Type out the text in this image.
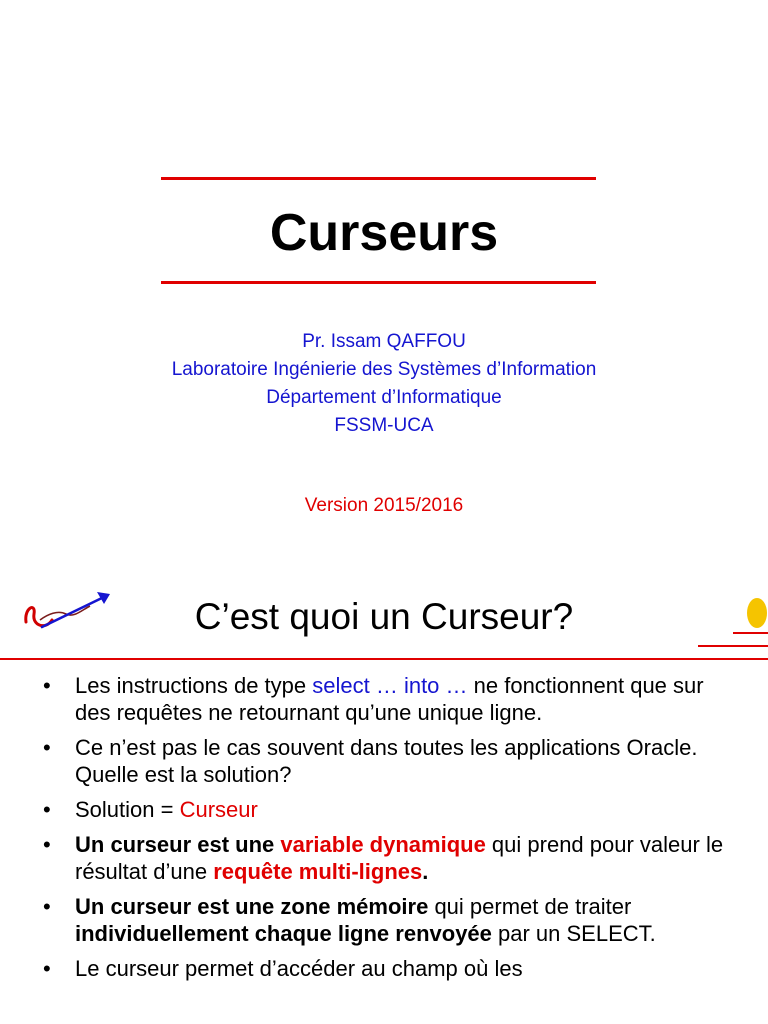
Curseurs
Pr. Issam QAFFOU
Laboratoire Ingénierie des Systèmes d’Information
Département d’Informatique
FSSM-UCA
Version 2015/2016
C’est quoi un Curseur?
• Les instructions de type select … into … ne fonctionnent que sur des requêtes ne retournant qu’une unique ligne.
• Ce n’est pas le cas souvent dans toutes les applications Oracle. Quelle est la solution?
• Solution = Curseur
• Un curseur est une variable dynamique qui prend pour valeur le résultat d’une requête multi-lignes.
• Un curseur est une zone mémoire qui permet de traiter individuellement chaque ligne renvoyée par un SELECT.
• Le curseur permet d’accéder au champ où les
